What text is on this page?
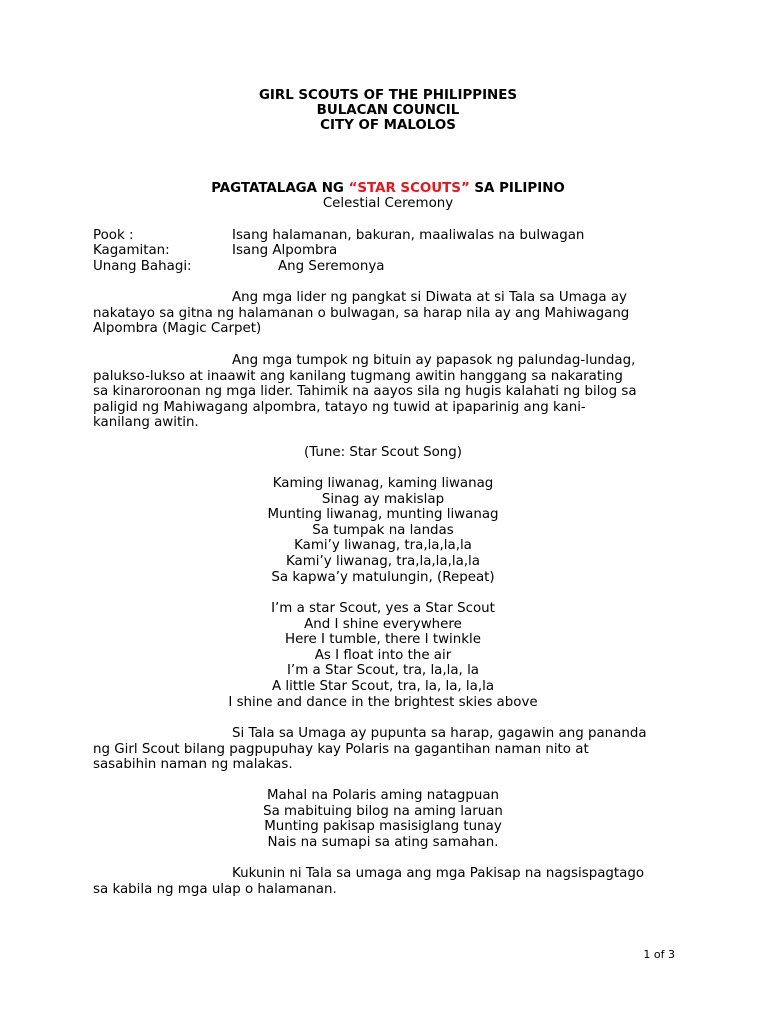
GIRL SCOUTS OF THE PHILIPPINES
BULACAN COUNCIL
CITY OF MALOLOS
PAGTATALAGA NG “STAR SCOUTS” SA PILIPINO
Celestial Ceremony
Pook :	Isang halamanan, bakuran, maaliwalas na bulwagan
Kagamitan:	Isang Alpombra
Unang Bahagi:	Ang Seremonya
Ang mga lider ng pangkat si Diwata at si Tala sa Umaga ay
nakatayo sa gitna ng halamanan o bulwagan, sa harap nila ay ang Mahiwagang
Alpombra (Magic Carpet)
Ang mga tumpok ng bituin ay papasok ng palundag-lundag,
palukso-lukso at inaawit ang kanilang tugmang awitin hanggang sa nakarating
sa kinaroroonan ng mga lider. Tahimik na aayos sila ng hugis kalahati ng bilog sa
paligid ng Mahiwagang alpombra, tatayo ng tuwid at ipaparinig ang kani-
kanilang awitin.
(Tune: Star Scout Song)
Kaming liwanag, kaming liwanag
Sinag ay makislap
Munting liwanag, munting liwanag
Sa tumpak na landas
Kami’y liwanag, tra,la,la,la
Kami’y liwanag, tra,la,la,la,la
Sa kapwa’y matulungin, (Repeat)
I’m a star Scout, yes a Star Scout
And I shine everywhere
Here I tumble, there I twinkle
As I float into the air
I’m a Star Scout, tra, la,la, la
A little Star Scout, tra, la, la, la,la
I shine and dance in the brightest skies above
Si Tala sa Umaga ay pupunta sa harap, gagawin ang pananda
ng Girl Scout bilang pagpupuhay kay Polaris na gagantihan naman nito at
sasabihin naman ng malakas.
Mahal na Polaris aming natagpuan
Sa mabituing bilog na aming laruan
Munting pakisap masisiglang tunay
Nais na sumapi sa ating samahan.
Kukunin ni Tala sa umaga ang mga Pakisap na nagsispagtago
sa kabila ng mga ulap o halamanan.
1 of 3
